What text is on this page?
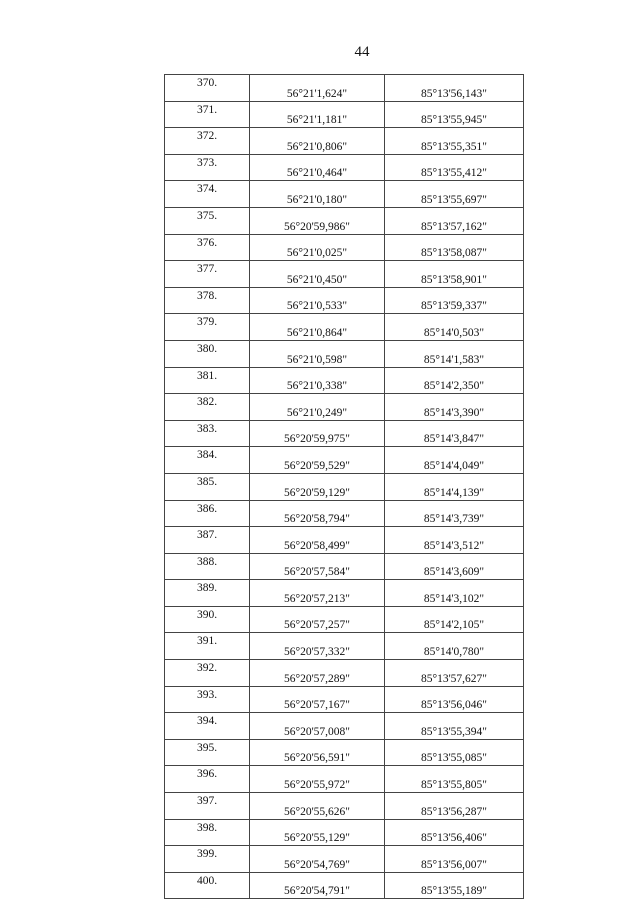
44
370.	56°21'1,624"	85°13'56,143"
371.	56°21'1,181"	85°13'55,945"
372.	56°21'0,806"	85°13'55,351"
373.	56°21'0,464"	85°13'55,412"
374.	56°21'0,180"	85°13'55,697"
375.	56°20'59,986"	85°13'57,162"
376.	56°21'0,025"	85°13'58,087"
377.	56°21'0,450"	85°13'58,901"
378.	56°21'0,533"	85°13'59,337"
379.	56°21'0,864"	85°14'0,503"
380.	56°21'0,598"	85°14'1,583"
381.	56°21'0,338"	85°14'2,350"
382.	56°21'0,249"	85°14'3,390"
383.	56°20'59,975"	85°14'3,847"
384.	56°20'59,529"	85°14'4,049"
385.	56°20'59,129"	85°14'4,139"
386.	56°20'58,794"	85°14'3,739"
387.	56°20'58,499"	85°14'3,512"
388.	56°20'57,584"	85°14'3,609"
389.	56°20'57,213"	85°14'3,102"
390.	56°20'57,257"	85°14'2,105"
391.	56°20'57,332"	85°14'0,780"
392.	56°20'57,289"	85°13'57,627"
393.	56°20'57,167"	85°13'56,046"
394.	56°20'57,008"	85°13'55,394"
395.	56°20'56,591"	85°13'55,085"
396.	56°20'55,972"	85°13'55,805"
397.	56°20'55,626"	85°13'56,287"
398.	56°20'55,129"	85°13'56,406"
399.	56°20'54,769"	85°13'56,007"
400.	56°20'54,791"	85°13'55,189"
